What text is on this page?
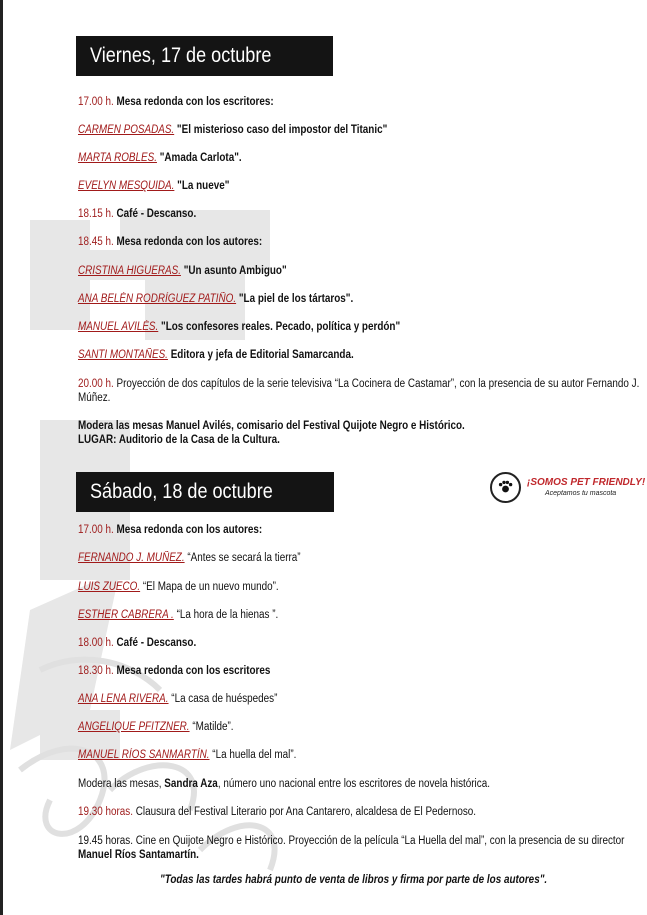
Viernes, 17 de octubre
17.00 h. Mesa redonda con los escritores:
CARMEN POSADAS. "El misterioso caso del impostor del Titanic"
MARTA ROBLES. "Amada Carlota".
EVELYN MESQUIDA. "La nueve"
18.15 h. Café - Descanso.
18.45 h. Mesa redonda con los autores:
CRISTINA HIGUERAS. "Un asunto Ambiguo"
ANA BELÉN RODRÍGUEZ PATIÑO. "La piel de los tártaros".
MANUEL AVILÉS. "Los confesores reales. Pecado, política y perdón"
SANTI MONTAÑES. Editora y jefa de Editorial Samarcanda.
20.00 h. Proyección de dos capítulos de la serie televisiva “La Cocinera de Castamar”, con la presencia de su autor Fernando J. Múñez.
Modera las mesas Manuel Avilés, comisario del Festival Quijote Negro e Histórico.
LUGAR: Auditorio de la Casa de la Cultura.
Sábado, 18 de octubre	¡SOMOS PET FRIENDLY!
Aceptamos tu mascota
17.00 h. Mesa redonda con los autores:
FERNANDO J. MUÑEZ. “Antes se secará la tierra”
LUIS ZUECO. “El Mapa de un nuevo mundo”.
ESTHER CABRERA . “La hora de la hienas ”.
18.00 h. Café - Descanso.
18.30 h. Mesa redonda con los escritores
ANA LENA RIVERA. “La casa de huéspedes”
ANGELIQUE PFITZNER. “Matilde”.
MANUEL RÍOS SANMARTÍN. “La huella del mal”.
Modera las mesas, Sandra Aza, número uno nacional entre los escritores de novela histórica.
19.30 horas. Clausura del Festival Literario por Ana Cantarero, alcaldesa de El Pedernoso.
19.45 horas. Cine en Quijote Negro e Histórico. Proyección de la película “La Huella del mal”, con la presencia de su director
Manuel Ríos Santamartín.
"Todas las tardes habrá punto de venta de libros y firma por parte de los autores".
